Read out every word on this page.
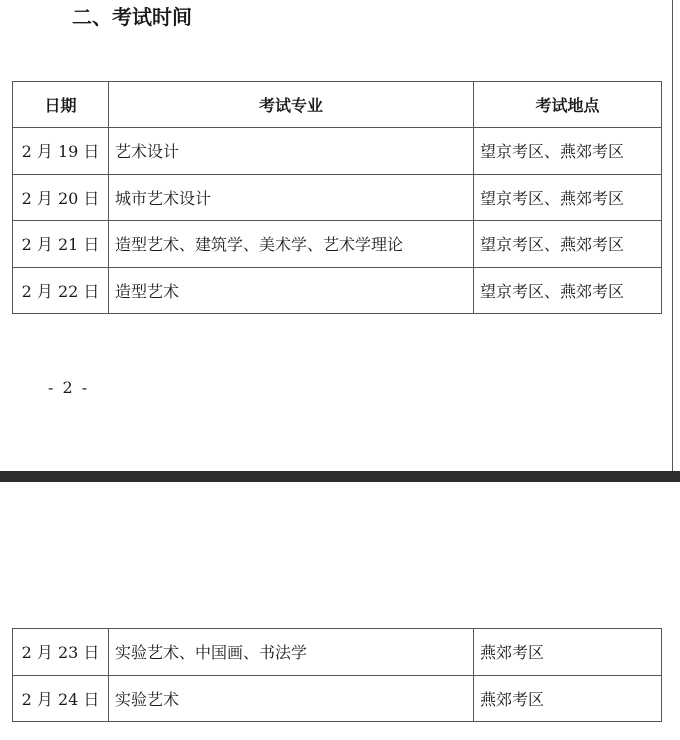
二、考试时间
日期	考试专业	考试地点
2 月 19 日	艺术设计	望京考区、燕郊考区
2 月 20 日	城市艺术设计	望京考区、燕郊考区
2 月 21 日	造型艺术、建筑学、美术学、艺术学理论	望京考区、燕郊考区
2 月 22 日	造型艺术	望京考区、燕郊考区
- 2 -
2 月 23 日	实验艺术、中国画、书法学	燕郊考区
2 月 24 日	实验艺术	燕郊考区
